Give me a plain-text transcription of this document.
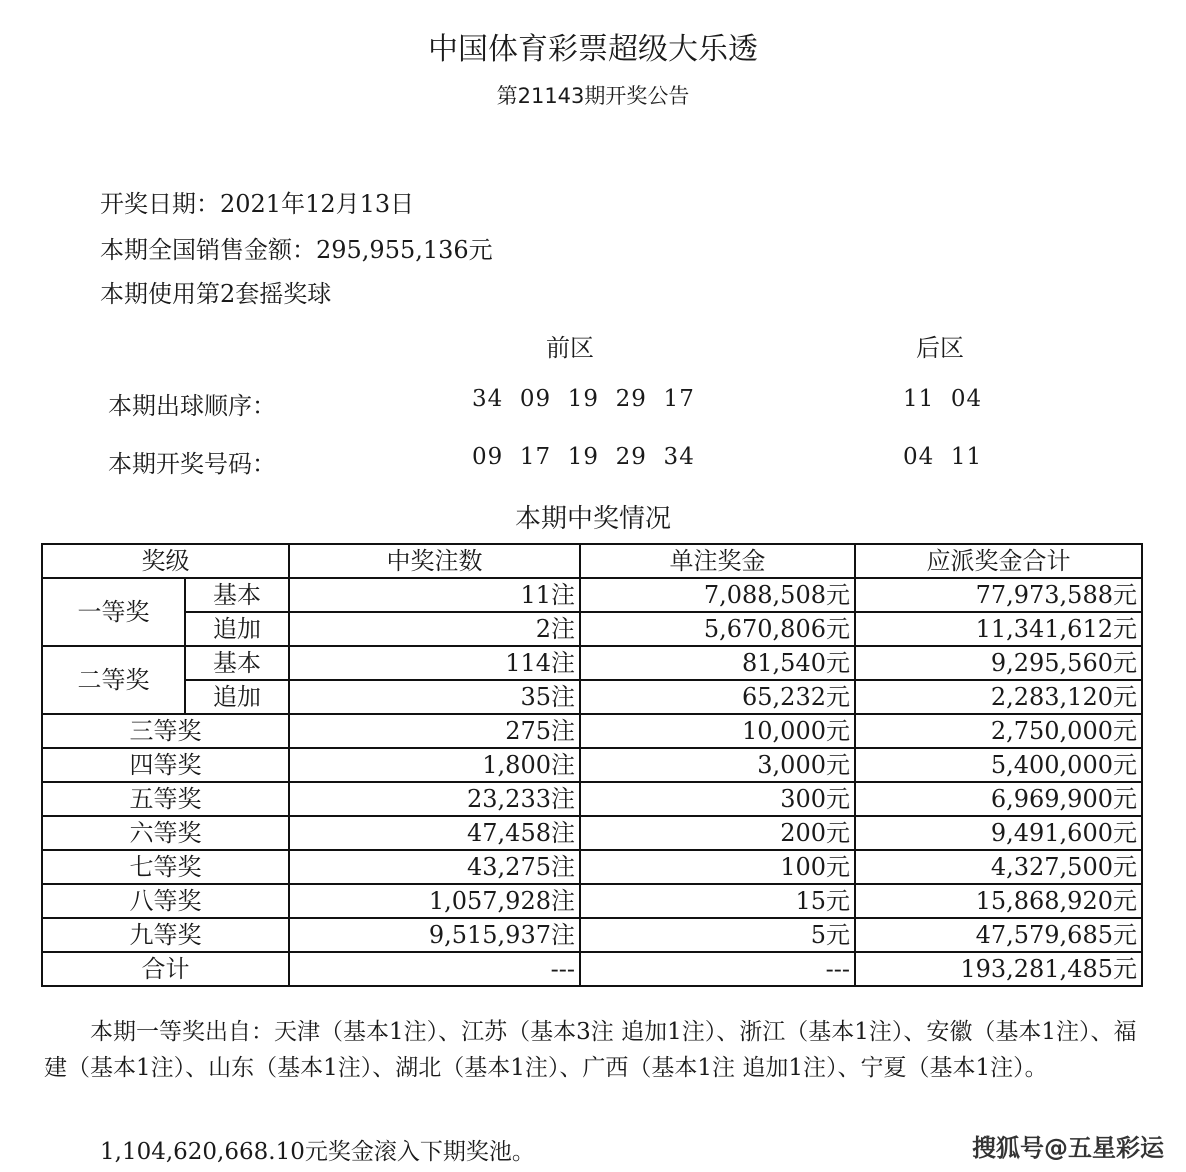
中国体育彩票超级大乐透
第21143期开奖公告
开奖日期：2021年12月13日
本期全国销售金额：295,955,136元
本期使用第2套摇奖球
前区	后区
本期出球顺序：	34  09  19  29  17	11  04
本期开奖号码：	09  17  19  29  34	04  11
本期中奖情况
奖级		中奖注数	单注奖金	应派奖金合计
一等奖	基本	11注	7,088,508元	77,973,588元
	追加	2注	5,670,806元	11,341,612元
二等奖	基本	114注	81,540元	9,295,560元
	追加	35注	65,232元	2,283,120元
三等奖		275注	10,000元	2,750,000元
四等奖		1,800注	3,000元	5,400,000元
五等奖		23,233注	300元	6,969,900元
六等奖		47,458注	200元	9,491,600元
七等奖		43,275注	100元	4,327,500元
八等奖		1,057,928注	15元	15,868,920元
九等奖		9,515,937注	5元	47,579,685元
合计		---	---	193,281,485元
　　本期一等奖出自：天津（基本1注）、江苏（基本3注 追加1注）、浙江（基本1注）、安徽（基本1注）、福建（基本1注）、山东（基本1注）、湖北（基本1注）、广西（基本1注 追加1注）、宁夏（基本1注）。
1,104,620,668.10元奖金滚入下期奖池。	搜狐号@五星彩运
